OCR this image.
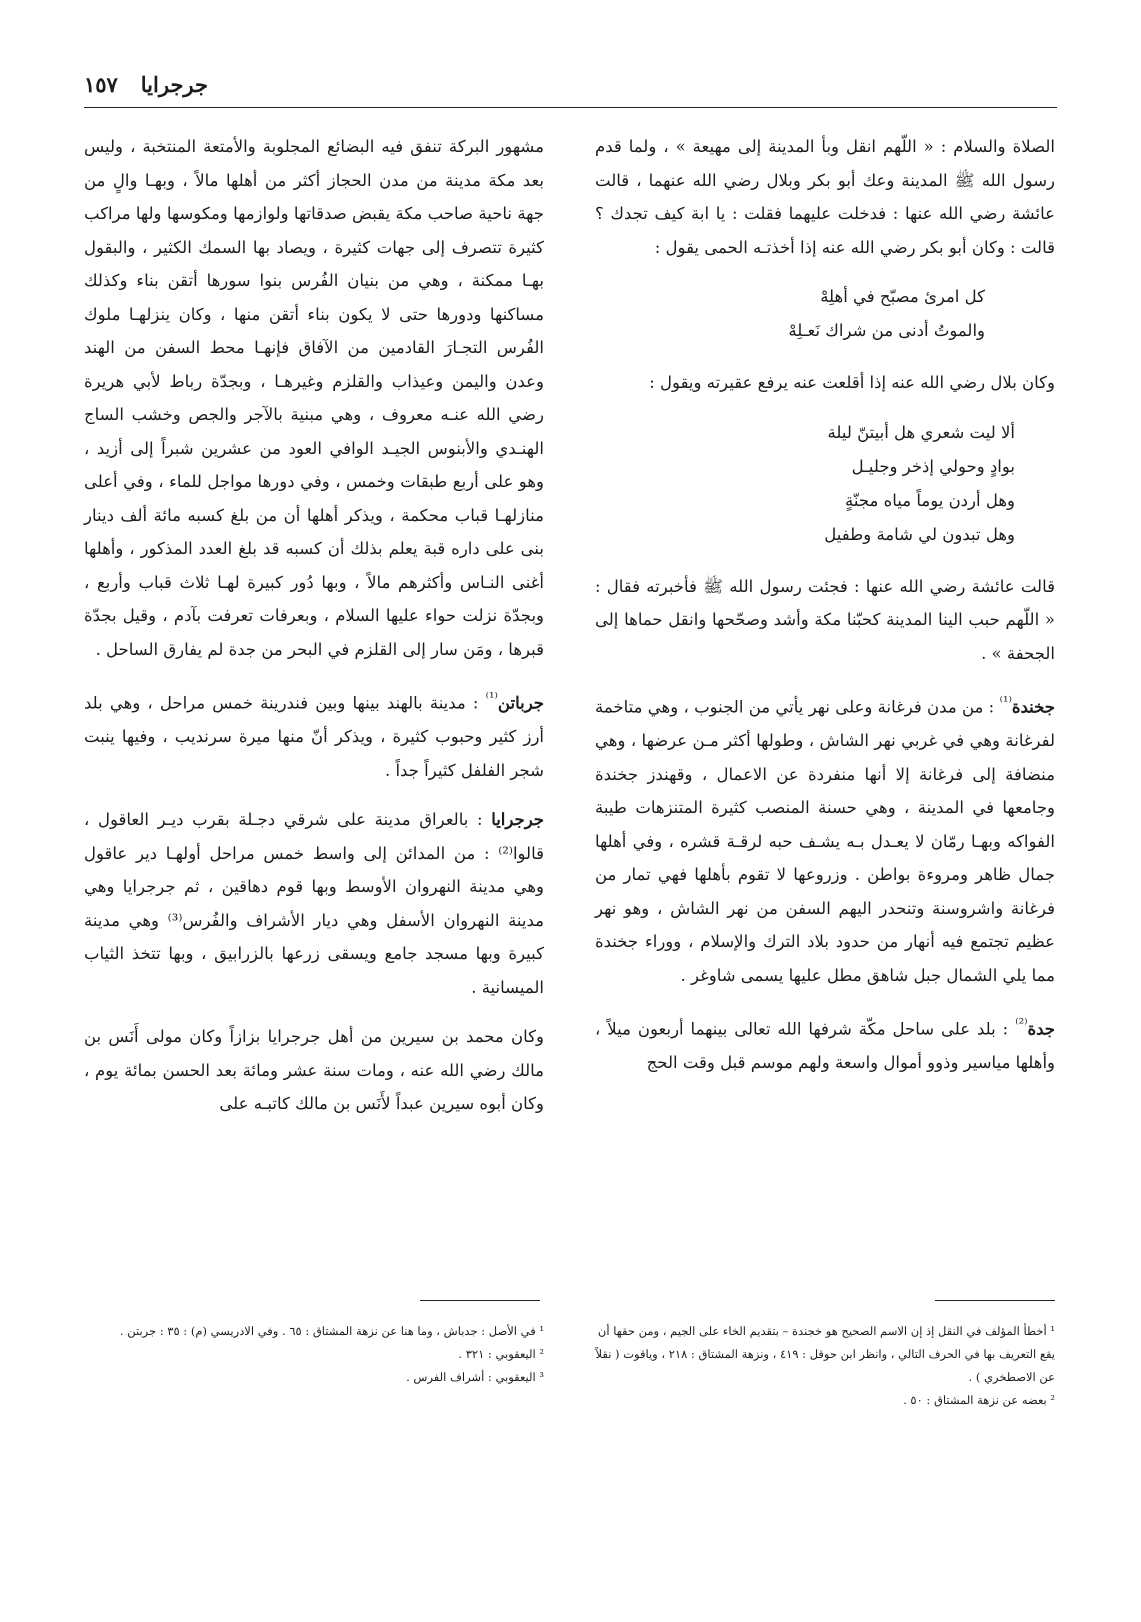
جرجرايا
١٥٧

الصلاة والسلام : « اللّهم انقل وبأ المدينة إلى مهيعة » ، ولما قدم رسول الله ﷺ المدينة وعك أبو بكر وبلال رضي الله عنهما ، قالت عائشة رضي الله عنها : فدخلت عليهما فقلت : يا ابة كيف تجدك ؟ قالت : وكان أبو بكر رضي الله عنه إذا أخذتـه الحمى يقول :

كل امرئ مصبّح في أهلِهْ
والموتُ أدنى من شراك نَعـلِهْ

وكان بلال رضي الله عنه إذا أقلعت عنه يرفع عقيرته ويقول :

ألا ليت شعري هل أبيتنّ ليلة
بوادٍ وحولي إذخر وجليـل
وهل أردن يوماً مياه مجنّةٍ
وهل تبدون لي شامة وطفيل

قالت عائشة رضي الله عنها : فجئت رسول الله ﷺ فأخبرته فقال : « اللّهم حبب الينا المدينة كحبّنا مكة وأشد وصحّحها وانقل حماها إلى الجحفة » .

جخندة$^{^{(1)}}$ : من مدن فرغانة وعلى نهر يأتي من الجنوب ، وهي متاخمة لفرغانة وهي في غربي نهر الشاش ، وطولها أكثر مـن عرضها ، وهي منضافة إلى فرغانة إلا أنها منفردة عن الاعمال ، وقهندز جخندة وجامعها في المدينة ، وهي حسنة المنصب كثيرة المتنزهات طيبة الفواكه وبهـا رمّان لا يعـدل بـه يشـف حبه لرقـة قشره ، وفي أهلها جمال ظاهر ومروءة بواطن . وزروعها لا تقوم بأهلها فهي تمار من فرغانة واشروسنة وتنحدر اليهم السفن من نهر الشاش ، وهو نهر عظيم تجتمع فيه أنهار من حدود بلاد الترك والإسلام ، ووراء جخندة مما يلي الشمال جبل شاهق مطل عليها يسمى شاوغر .

جدة$^{^{(2)}}$ : بلد على ساحل مكّة شرفها الله تعالى بينهما أربعون ميلاً ، وأهلها مياسير وذوو أموال واسعة ولهم موسم قبل وقت الحج

مشهور البركة تنفق فيه البضائع المجلوبة والأمتعة المنتخبة ، وليس بعد مكة مدينة من مدن الحجاز أكثر من أهلها مالاً ، وبهـا والٍ من جهة ناحية صاحب مكة يقبض صدقاتها ولوازمها ومكوسها ولها مراكب كثيرة تتصرف إلى جهات كثيرة ، ويصاد بها السمك الكثير ، والبقول بهـا ممكنة ، وهي من بنيان الفُرس بنوا سورها أتقن بناء وكذلك مساكنها ودورها حتى لا يكون بناء أتقن منها ، وكان ينزلهـا ملوك الفُرس التجـارَ القادمين من الآفاق فإنهـا محط السفن من الهند وعدن واليمن وعيذاب والقلزم وغيرهـا ، وبجدّة رباط لأبي هريرة رضي الله عنـه معروف ، وهي مبنية بالآجر والجص وخشب الساج الهنـدي والأبنوس الجيـد الوافي العود من عشرين شبراً إلى أزيد ، وهو على أربع طبقات وخمس ، وفي دورها مواجل للماء ، وفي أعلى منازلهـا قباب محكمة ، ويذكر أهلها أن من بلغ كسبه مائة ألف دينار بنى على داره قبة يعلم بذلك أن كسبه قد بلغ العدد المذكور ، وأهلها أغنى النـاس وأكثرهم مالاً ، وبها دُور كبيرة لهـا ثلاث قباب وأربع ، وبجدّة نزلت حواء عليها السلام ، وبعرفات تعرفت بآدم ، وقيل بجدّة قبرها ، ومَن سار إلى القلزم في البحر من جدة لم يفارق الساحل .

جرباتن$^{^{(1)}}$ : مدينة بالهند بينها وبين فندرينة خمس مراحل ، وهي بلد أرز كثير وحبوب كثيرة ، ويذكر أنّ منها ميرة سرنديب ، وفيها ينبت شجر الفلفل كثيراً جداً .

جرجرايا : بالعراق مدينة على شرقي دجـلة بقرب ديـر العاقول ، قالوا⁽²⁾ : من المدائن إلى واسط خمس مراحل أولهـا دير عاقول وهي مدينة النهروان الأوسط وبها قوم دهاقين ، ثم جرجرايا وهي مدينة النهروان الأسفل وهي ديار الأشراف والفُرس⁽³⁾ وهي مدينة كبيرة وبها مسجد جامع ويسقى زرعها بالزرابيق ، وبها تتخذ الثياب الميسانية .

وكان محمد بن سيرين من أهل جرجرايا بزازاً وكان مولى أَنَس بن مالك رضي الله عنه ، ومات سنة عشر ومائة بعد الحسن بمائة يوم ، وكان أبوه سيرين عبداً لأَنَس بن مالك كاتبـه على

¹ أخطأ المؤلف في النقل إذ إن الاسم الصحيح هو خجندة – بتقديم الخاء على الجيم ، ومن حقها أن يقع التعريف بها في الحرف التالي ، وانظر ابن حوقل : ٤١٩ ، ونزهة المشتاق : ٢١٨ ، وياقوت ( نقلاً عن الاصطخري ) .
² بعضه عن نزهة المشتاق : ٥٠ .
¹ في الأصل : جدباش ، وما هنا عن نزهة المشتاق : ٦٥ . وفي الادريسي (م) : ٣٥ : جربتن .
² اليعقوبي : ٣٢١ .
³ اليعقوبي : أشراف الفرس .
